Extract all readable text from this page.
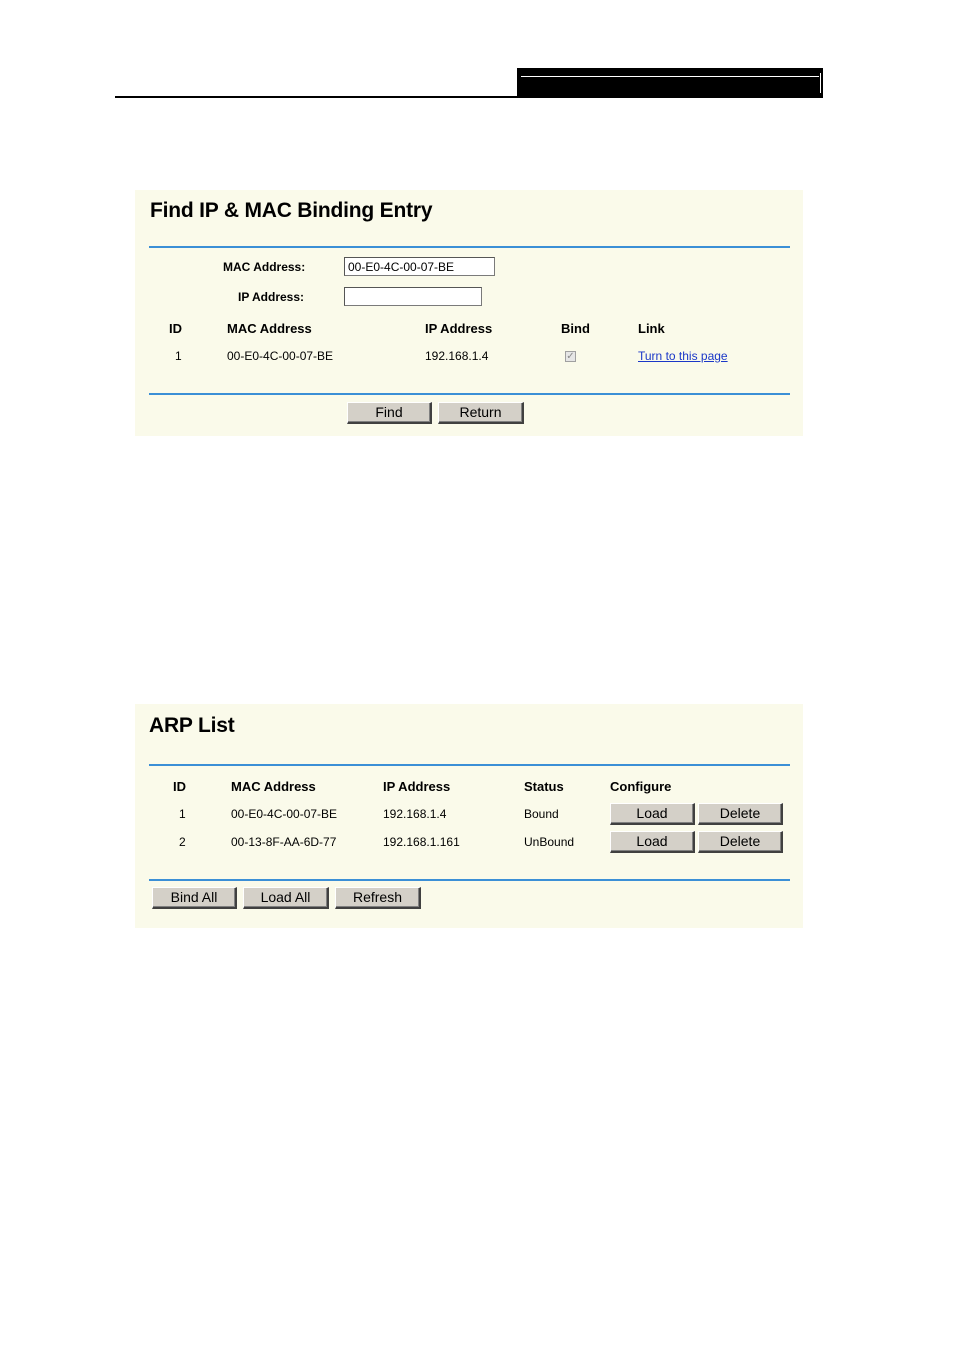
Find IP & MAC Binding Entry
MAC Address:
00-E0-4C-00-07-BE
IP Address:
ID	MAC Address	IP Address	Bind	Link
1	00-E0-4C-00-07-BE	192.168.1.4	✓	Turn to this page
Find	Return
ARP List
ID	MAC Address	IP Address	Status	Configure
1	00-E0-4C-00-07-BE	192.168.1.4	Bound	Load	Delete
2	00-13-8F-AA-6D-77	192.168.1.161	UnBound	Load	Delete
Bind All	Load All	Refresh
